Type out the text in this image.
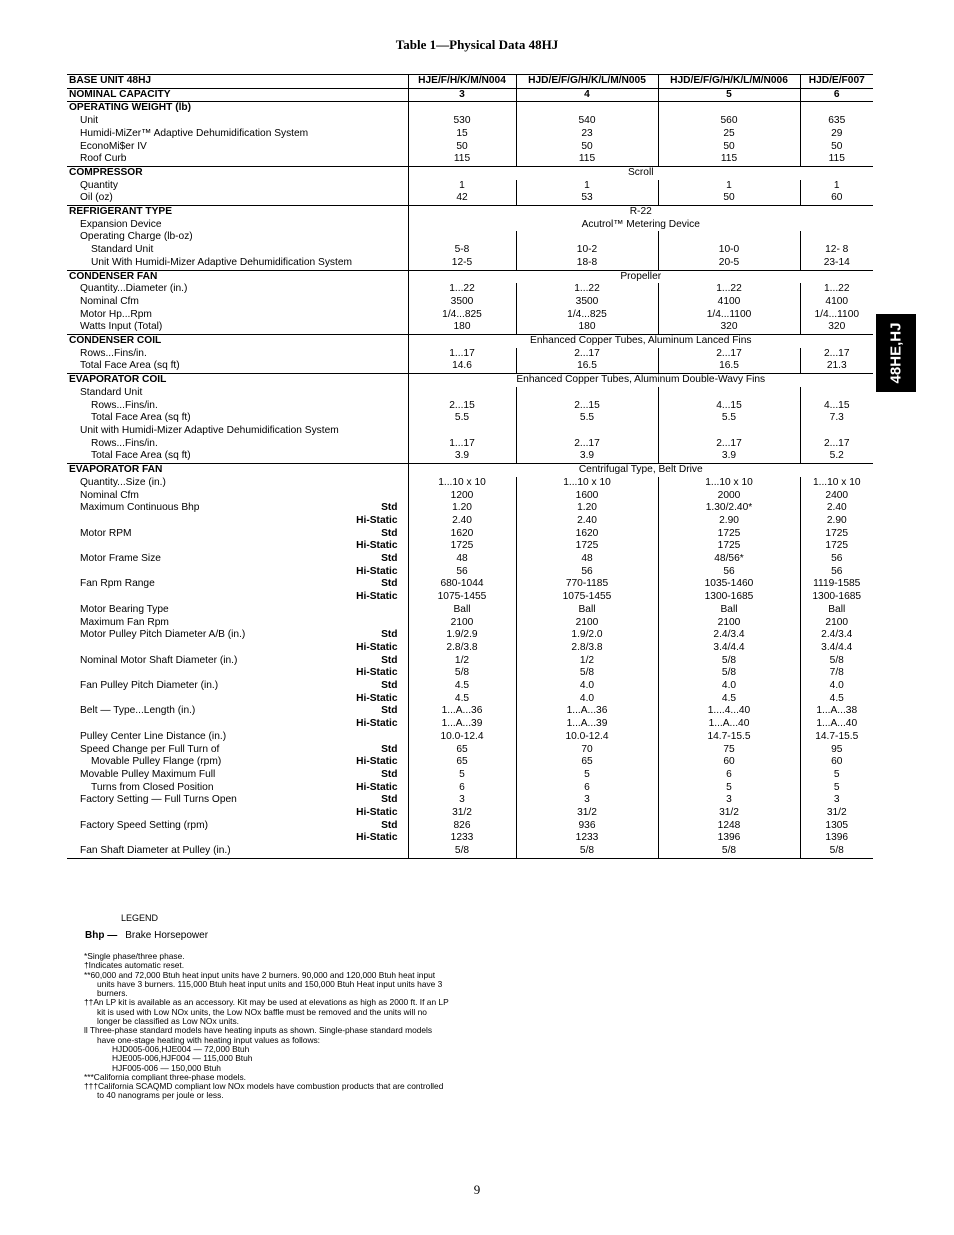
Table 1—Physical Data 48HJ
48HE,HJ
BASE UNIT 48HJ	HJE/F/H/K/M/N004	HJD/E/F/G/H/K/L/M/N005	HJD/E/F/G/H/K/L/M/N006	HJD/E/F007

NOMINAL CAPACITY	3	4	5	6

OPERATING WEIGHT (lb)				

Unit	530	540	560	635

Humidi-MiZer™ Adaptive Dehumidification System	15	23	25	29

EconoMi$er IV	50	50	50	50

Roof Curb	115	115	115	115

COMPRESSOR	Scroll			

Quantity	1	1	1	1

Oil (oz)	42	53	50	60

REFRIGERANT TYPE	R-22			

Expansion Device	Acutrol™ Metering Device			

Operating Charge (lb-oz)				

Standard Unit	5-8	10-2	10-0	12- 8

Unit With Humidi-Mizer Adaptive Dehumidification System	12-5	18-8	20-5	23-14

CONDENSER FAN	Propeller			

Quantity...Diameter (in.)	1...22	1...22	1...22	1...22

Nominal Cfm	3500	3500	4100	4100

Motor Hp...Rpm	1/4...825	1/4...825	1/4...1100	1/4...1100

Watts Input (Total)	180	180	320	320

CONDENSER COIL	Enhanced Copper Tubes, Aluminum Lanced Fins			

Rows...Fins/in.	1...17	2...17	2...17	2...17

Total Face Area (sq ft)	14.6	16.5	16.5	21.3

EVAPORATOR COIL	Enhanced Copper Tubes, Aluminum Double-Wavy Fins			

Standard Unit				

Rows...Fins/in.	2...15	2...15	4...15	4...15

Total Face Area (sq ft)	5.5	5.5	5.5	7.3

Unit with Humidi-Mizer Adaptive Dehumidification System				

Rows...Fins/in.	1...17	2...17	2...17	2...17

Total Face Area (sq ft)	3.9	3.9	3.9	5.2

EVAPORATOR FAN	Centrifugal Type, Belt Drive			

Quantity...Size (in.)	1...10 x 10	1...10 x 10	1...10 x 10	1...10 x 10

Nominal Cfm	1200	1600	2000	2400

Maximum Continuous Bhp Std	1.20	1.20	1.30/2.40*	2.40

Hi-Static	2.40	2.40	2.90	2.90

Motor RPM Std	1620	1620	1725	1725

Hi-Static	1725	1725	1725	1725

Motor Frame Size Std	48	48	48/56*	56

Hi-Static	56	56	56	56

Fan Rpm Range Std	680-1044	770-1185	1035-1460	1119-1585

Hi-Static	1075-1455	1075-1455	1300-1685	1300-1685

Motor Bearing Type	Ball	Ball	Ball	Ball

Maximum Fan Rpm	2100	2100	2100	2100

Motor Pulley Pitch Diameter A/B (in.) Std	1.9/2.9	1.9/2.0	2.4/3.4	2.4/3.4

Hi-Static	2.8/3.8	2.8/3.8	3.4/4.4	3.4/4.4

Nominal Motor Shaft Diameter (in.) Std	1/2	1/2	5/8	5/8

Hi-Static	5/8	5/8	5/8	7/8

Fan Pulley Pitch Diameter (in.) Std	4.5	4.0	4.0	4.0

Hi-Static	4.5	4.0	4.5	4.5

Belt — Type...Length (in.) Std	1...A...36	1...A...36	1....4...40	1...A...38

Hi-Static	1...A...39	1...A...39	1...A...40	1...A...40

Pulley Center Line Distance (in.)	10.0-12.4	10.0-12.4	14.7-15.5	14.7-15.5

Speed Change per Full Turn of Std	65	70	75	95

Movable Pulley Flange (rpm) Hi-Static	65	65	60	60

Movable Pulley Maximum Full Std	5	5	6	5

Turns from Closed Position Hi-Static	6	6	5	5

Factory Setting — Full Turns Open Std	3	3	3	3

Hi-Static	31/2	31/2	31/2	31/2

Factory Speed Setting (rpm) Std	826	936	1248	1305

Hi-Static	1233	1233	1396	1396

Fan Shaft Diameter at Pulley (in.)	5/8	5/8	5/8	5/8
LEGEND
Bhp — Brake Horsepower
*Single phase/three phase.
†Indicates automatic reset.
**60,000 and 72,000 Btuh heat input units have 2 burners. 90,000 and 120,000 Btuh heat input units have 3 burners. 115,000 Btuh heat input units and 150,000 Btuh Heat input units have 3 burners.
††An LP kit is available as an accessory. Kit may be used at elevations as high as 2000 ft. If an LP kit is used with Low NOx units, the Low NOx baffle must be removed and the units will no longer be classified as Low NOx units.
ll Three-phase standard models have heating inputs as shown. Single-phase standard models have one-stage heating with heating input values as follows:
HJD005-006,HJE004 — 72,000 Btuh
HJE005-006,HJF004 — 115,000 Btuh
HJF005-006 — 150,000 Btuh
***California compliant three-phase models.
†††California SCAQMD compliant low NOx models have combustion products that are controlled to 40 nanograms per joule or less.
9
